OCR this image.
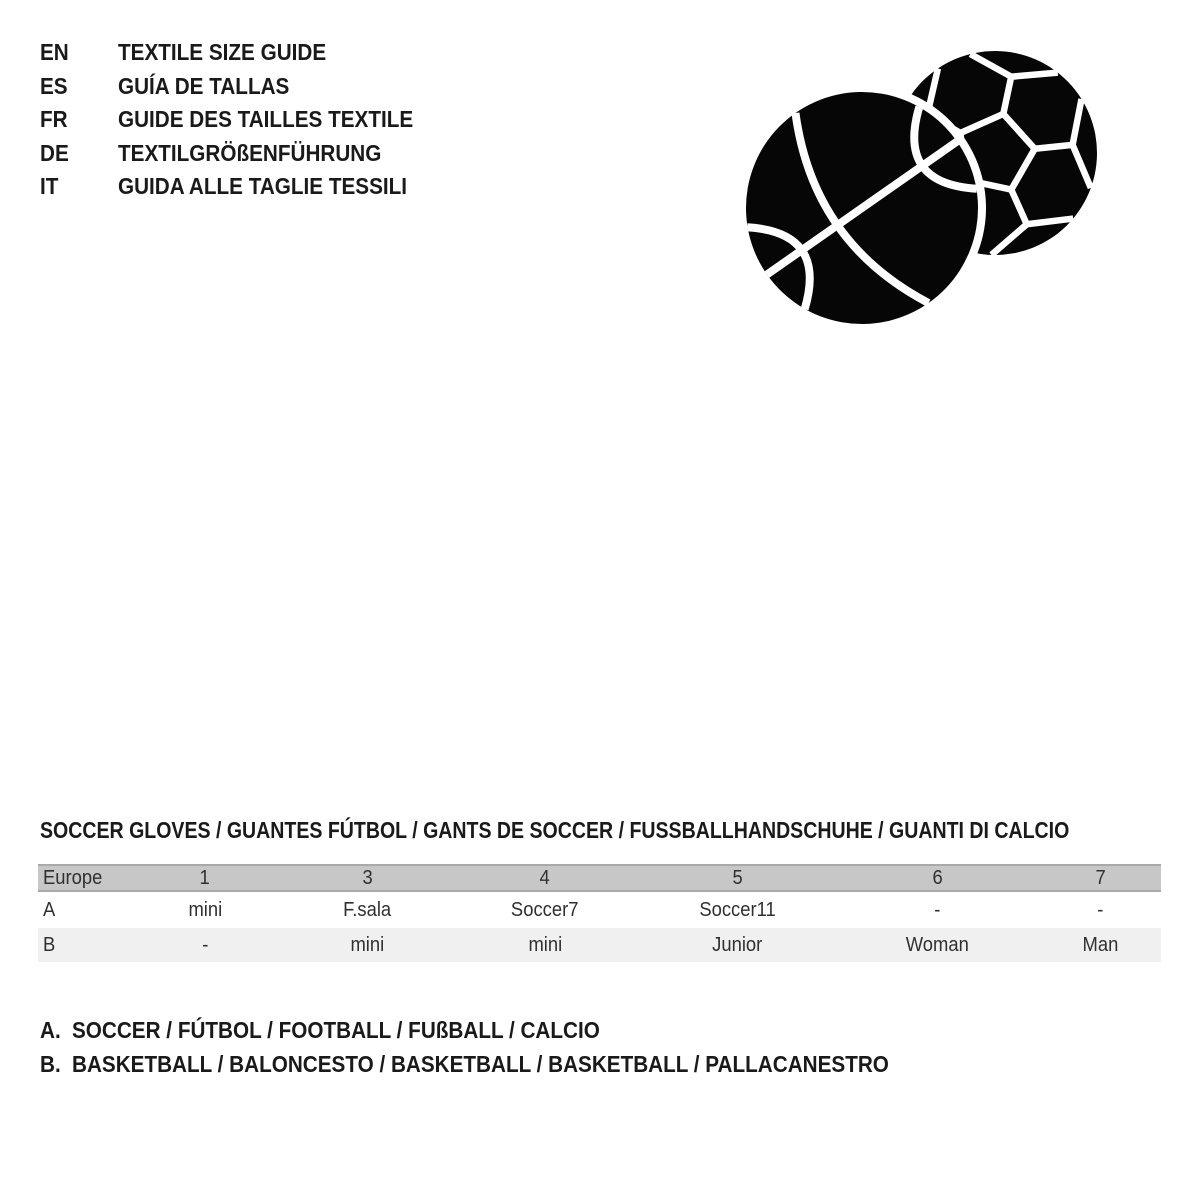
EN TEXTILE SIZE GUIDE
ES GUÍA DE TALLAS
FR GUIDE DES TAILLES TEXTILE
DE TEXTILGRÖßENFÜHRUNG
IT	GUIDA ALLE TAGLIE TESSILI
SOCCER GLOVES / GUANTES FÚTBOL / GANTS DE SOCCER / FUSSBALLHANDSCHUHE / GUANTI DI CALCIO
Europe	1	3	4	5	6	7
A	mini	F.sala	Soccer7	Soccer11	-	-
B	-	mini	mini	Junior	Woman	Man
A. SOCCER / FÚTBOL / FOOTBALL / FUßBALL / CALCIO
B. BASKETBALL / BALONCESTO / BASKETBALL / BASKETBALL / PALLACANESTRO
